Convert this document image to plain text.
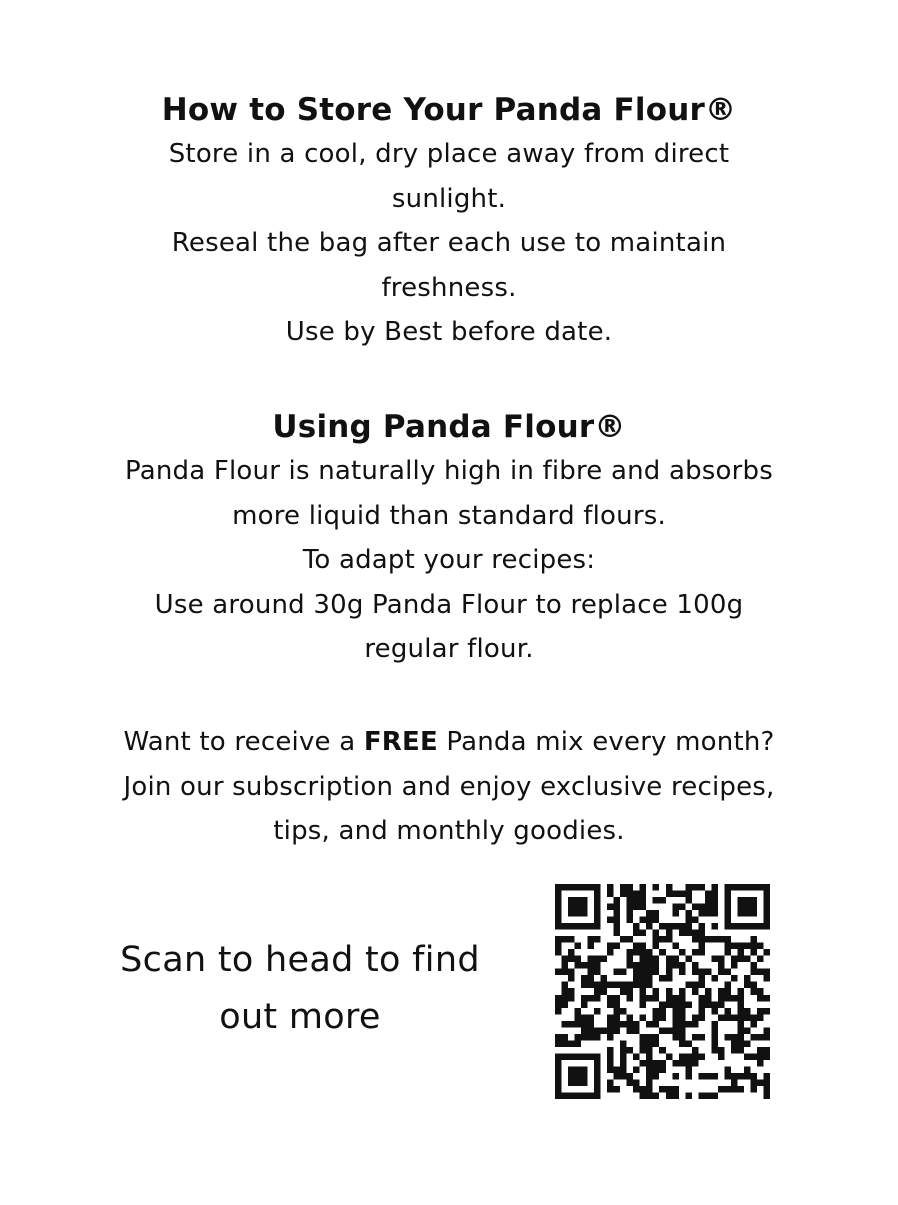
How to Store Your Panda Flour®
Store in a cool, dry place away from direct
sunlight.
Reseal the bag after each use to maintain
freshness.
Use by Best before date.
Using Panda Flour®
Panda Flour is naturally high in fibre and absorbs
more liquid than standard flours.
To adapt your recipes:
Use around 30g Panda Flour to replace 100g
regular flour.
Want to receive a FREE Panda mix every month?
Join our subscription and enjoy exclusive recipes,
tips, and monthly goodies.
Scan to head to find
out more
